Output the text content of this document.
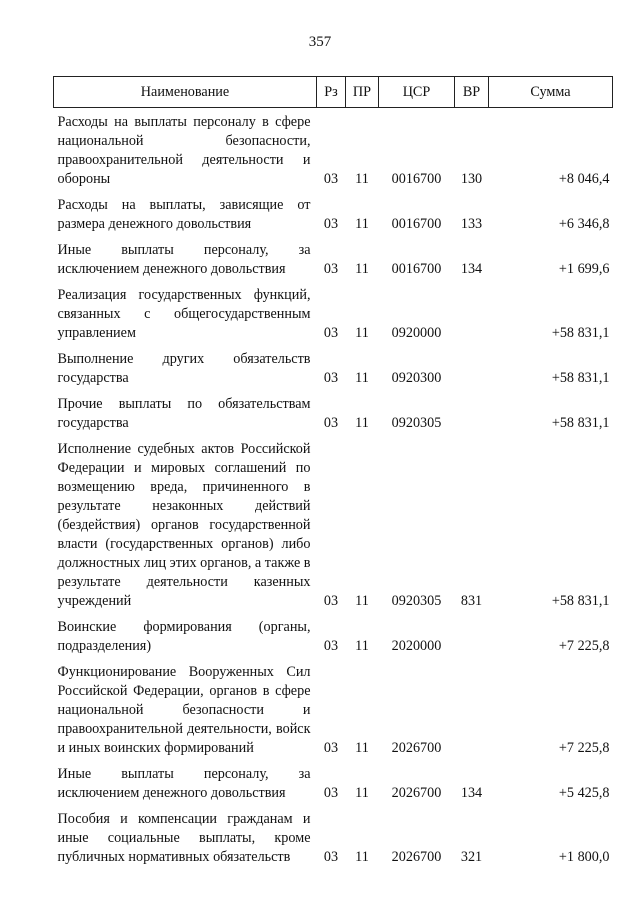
357
Наименование	Рз	ПР	ЦСР	ВР	Сумма
Расходы на выплаты персоналу в сфере национальной безопасности, правоохранительной деятельности и обороны	03	11	0016700	130	+8 046,4
Расходы на выплаты, зависящие от размера денежного довольствия	03	11	0016700	133	+6 346,8
Иные выплаты персоналу, за исключением денежного довольствия	03	11	0016700	134	+1 699,6
Реализация государственных функций, связанных с общегосударственным управлением	03	11	0920000		+58 831,1
Выполнение других обязательств государства	03	11	0920300		+58 831,1
Прочие выплаты по обязательствам государства	03	11	0920305		+58 831,1
Исполнение судебных актов Российской Федерации и мировых соглашений по возмещению вреда, причиненного в результате незаконных действий (бездействия) органов государственной власти (государственных органов) либо должностных лиц этих органов, а также в результате деятельности казенных учреждений	03	11	0920305	831	+58 831,1
Воинские формирования (органы, подразделения)	03	11	2020000		+7 225,8
Функционирование Вооруженных Сил Российской Федерации, органов в сфере национальной безопасности и правоохранительной деятельности, войск и иных воинских формирований	03	11	2026700		+7 225,8
Иные выплаты персоналу, за исключением денежного довольствия	03	11	2026700	134	+5 425,8
Пособия и компенсации гражданам и иные социальные выплаты, кроме публичных нормативных обязательств	03	11	2026700	321	+1 800,0
